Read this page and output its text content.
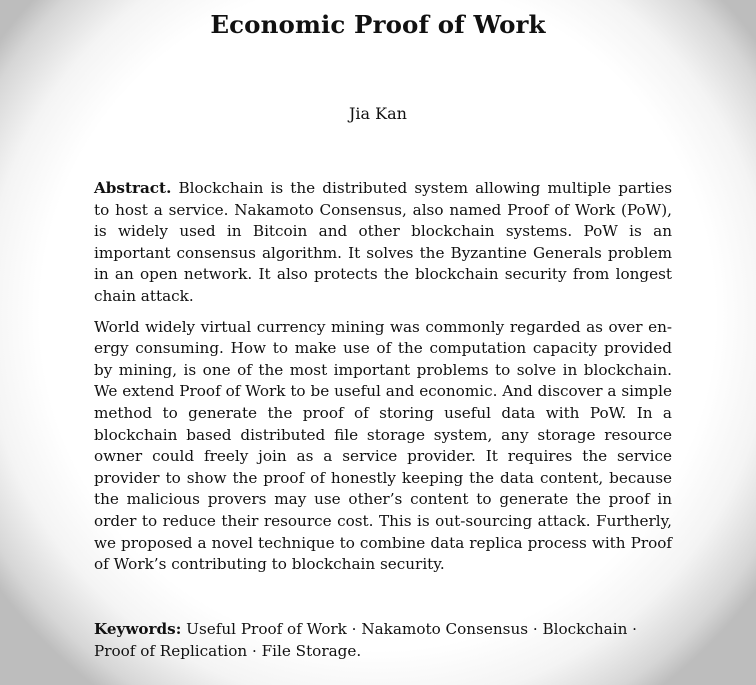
Economic Proof of Work
Jia Kan

Abstract. Blockchain is the distributed system allowing multiple parties to host a service. Nakamoto Consensus, also named Proof of Work (PoW), is widely used in Bitcoin and other blockchain systems. PoW is an important consensus algorithm. It solves the Byzantine Generals problem in an open network. It also protects the blockchain security from longest chain attack.

World widely virtual currency mining was commonly regarded as over energy consuming. How to make use of the computation capacity provided by mining, is one of the most important problems to solve in blockchain. We extend Proof of Work to be useful and economic. And discover a simple method to generate the proof of storing useful data with PoW. In a blockchain based distributed file storage system, any storage resource owner could freely join as a service provider. It requires the service provider to show the proof of honestly keeping the data content, because the malicious provers may use other’s content to generate the proof in order to reduce their resource cost. This is out-sourcing attack. Furtherly, we proposed a novel technique to combine data replica process with Proof of Work’s contributing to blockchain security.

Keywords: Useful Proof of Work · Nakamoto Consensus · Blockchain · Proof of Replication · File Storage.
